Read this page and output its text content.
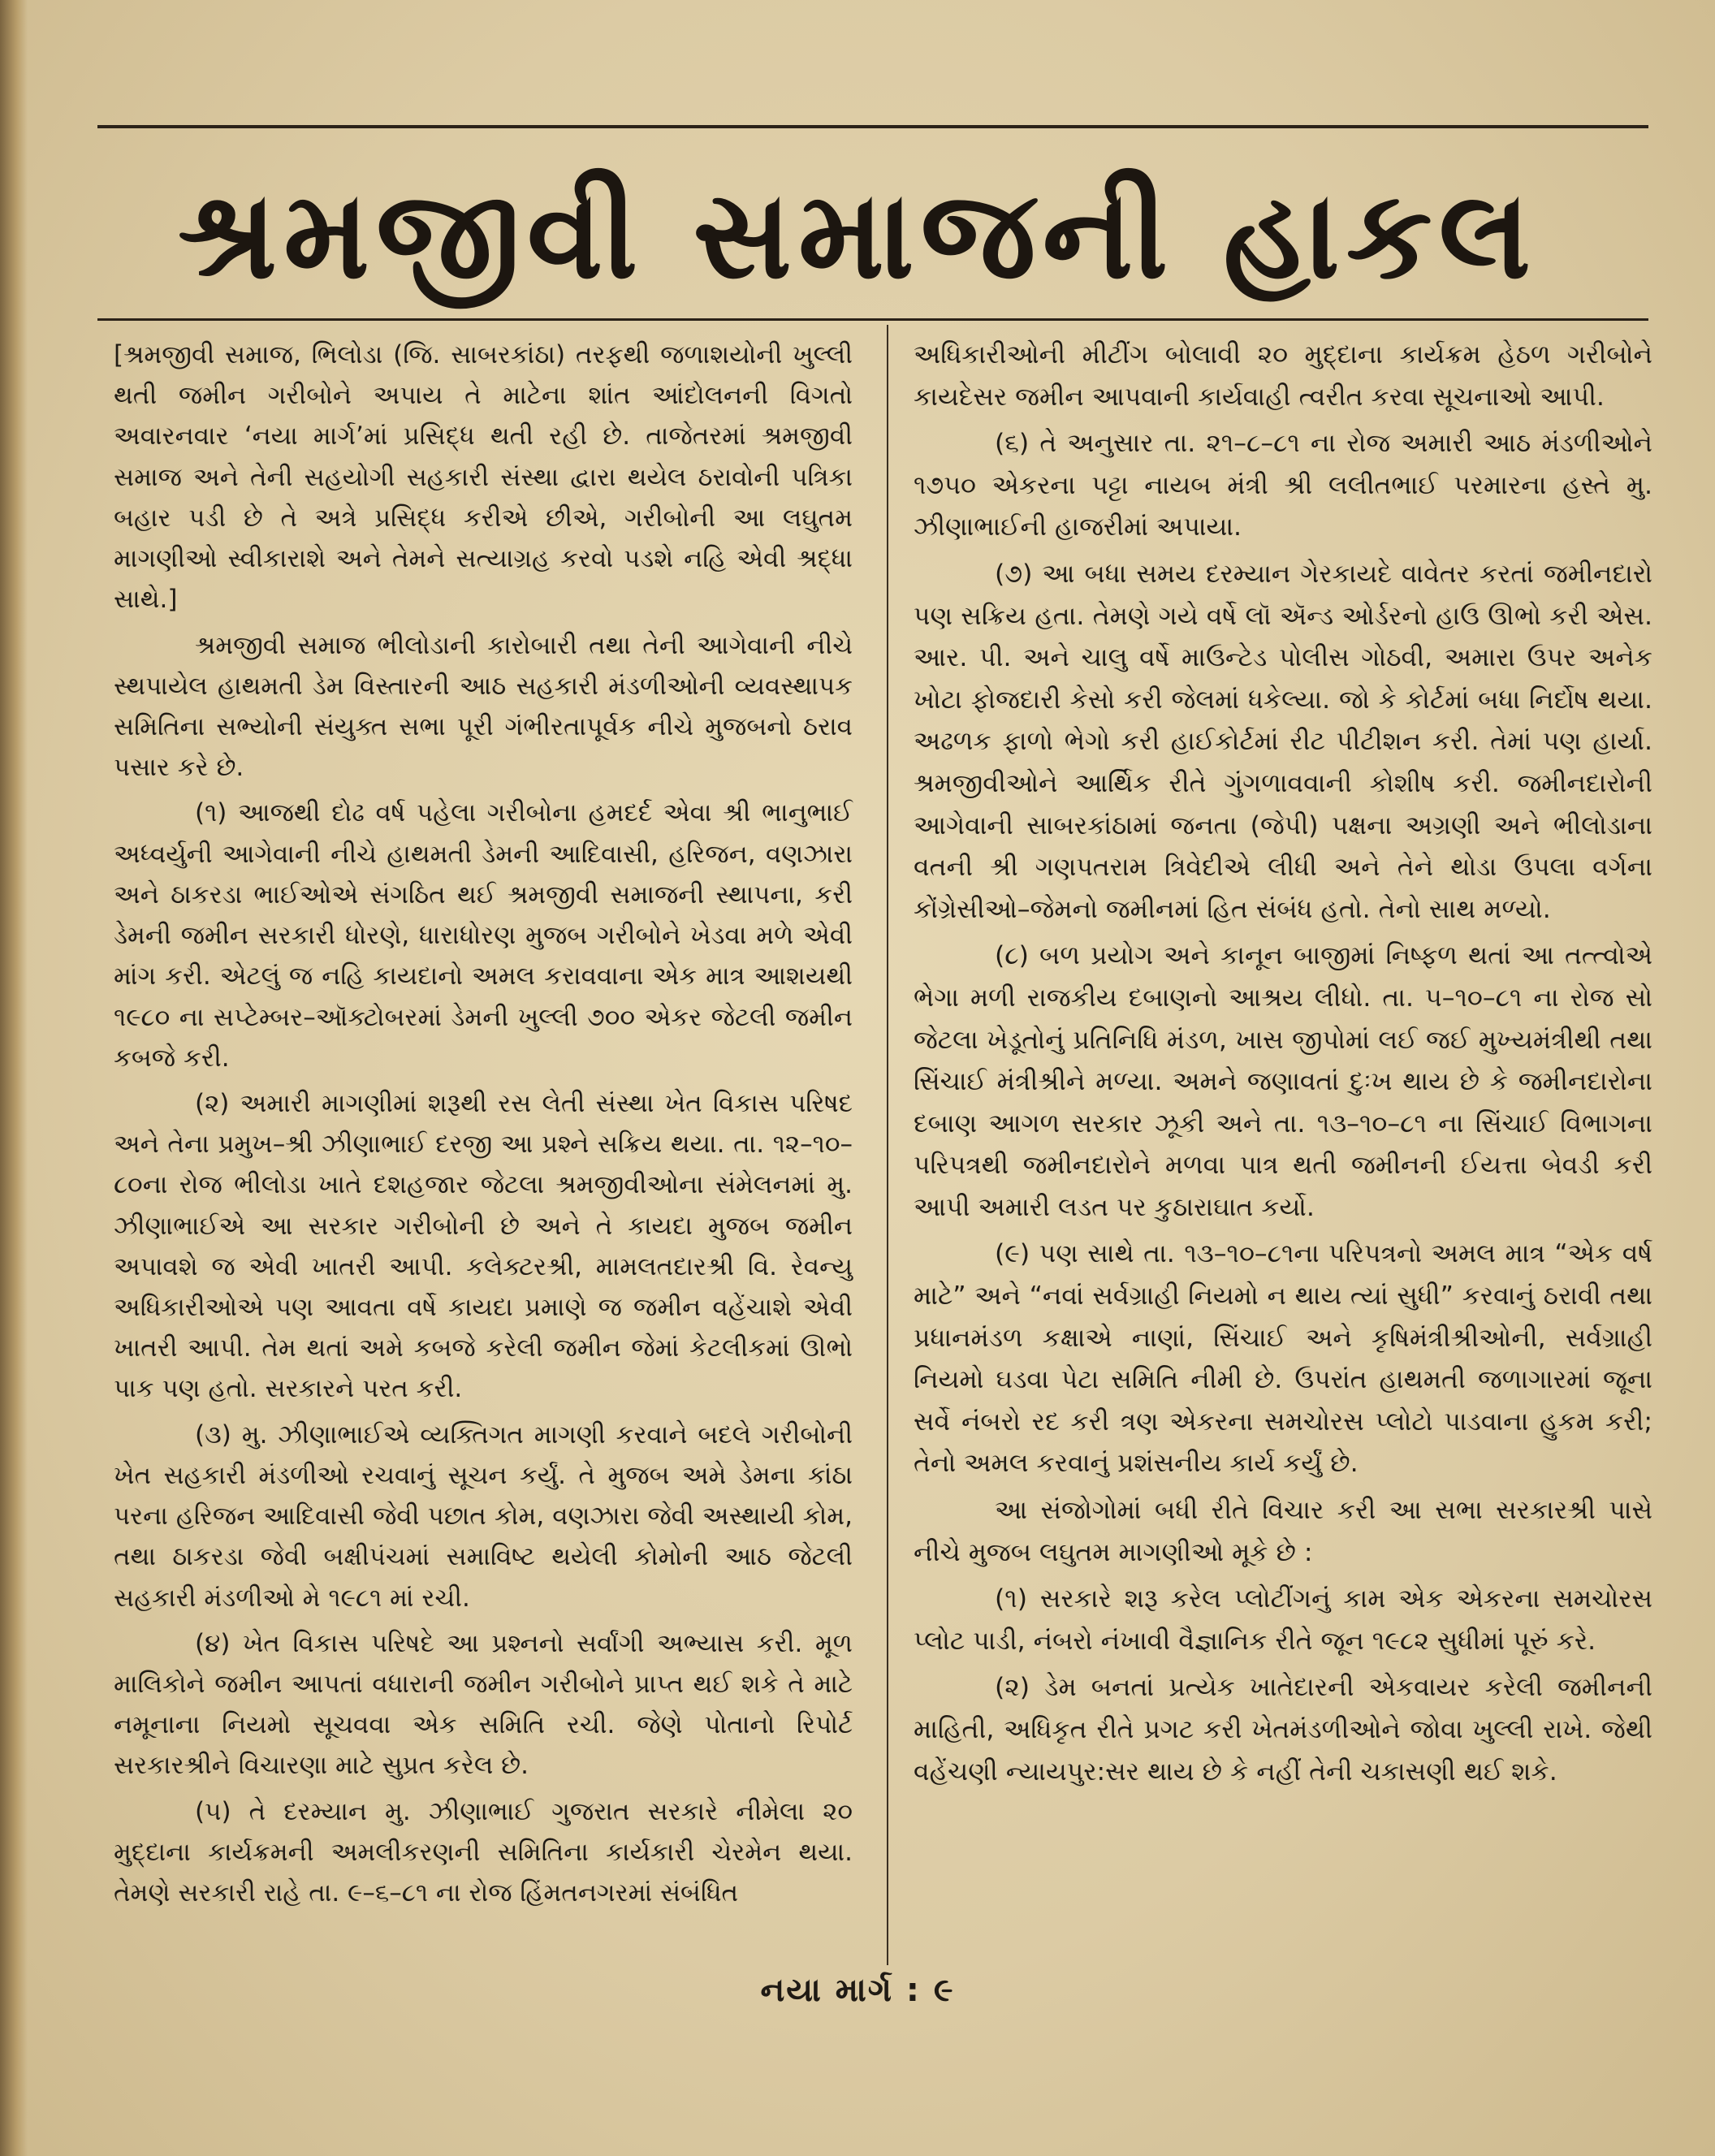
શ્રમજીવી સમાજની હાકલ

[શ્રમજીવી સમાજ, ભિલોડા (જિ. સાબરકાંઠા) તરફથી જળાશયોની ખુલ્લી થતી જમીન ગરીબોને અપાય તે માટેના શાંત આંદોલનની વિગતો અવારનવાર ‘નયા માર્ગ’માં પ્રસિદ્ધ થતી રહી છે. તાજેતરમાં શ્રમજીવી સમાજ અને તેની સહયોગી સહકારી સંસ્થા દ્વારા થયેલ ઠરાવોની પત્રિકા બહાર પડી છે તે અત્રે પ્રસિદ્ધ કરીએ છીએ, ગરીબોની આ લઘુતમ માગણીઓ સ્વીકારાશે અને તેમને સત્યાગ્રહ કરવો પડશે નહિ એવી શ્રદ્ધા સાથે.]

શ્રમજીવી સમાજ ભીલોડાની કારોબારી તથા તેની આગેવાની નીચે સ્થપાયેલ હાથમતી ડેમ વિસ્તારની આઠ સહકારી મંડળીઓની વ્યવસ્થાપક સમિતિના સભ્યોની સંયુક્ત સભા પૂરી ગંભીરતાપૂર્વક નીચે મુજબનો ઠરાવ પસાર કરે છે.

(૧) આજથી દોઢ વર્ષ પહેલા ગરીબોના હમદર્દ એવા શ્રી ભાનુભાઈ અધ્વર્યુની આગેવાની નીચે હાથમતી ડેમની આદિવાસી, હરિજન, વણઝારા અને ઠાકરડા ભાઈઓએ સંગઠિત થઈ શ્રમજીવી સમાજની સ્થાપના, કરી ડેમની જમીન સરકારી ધોરણે, ધારાધોરણ મુજબ ગરીબોને ખેડવા મળે એવી માંગ કરી. એટલું જ નહિ કાયદાનો અમલ કરાવવાના એક માત્ર આશયથી ૧૯૮૦ ના સપ્ટેમ્બર–ઑક્ટોબરમાં ડેમની ખુલ્લી ૭૦૦ એકર જેટલી જમીન કબજે કરી.

(૨) અમારી માગણીમાં શરૂથી રસ લેતી સંસ્થા ખેત વિકાસ પરિષદ અને તેના પ્રમુખ–શ્રી ઝીણાભાઈ દરજી આ પ્રશ્ને સક્રિય થયા. તા. ૧૨–૧૦–૮૦ના રોજ ભીલોડા ખાતે દશહજાર જેટલા શ્રમજીવીઓના સંમેલનમાં મુ. ઝીણાભાઈએ આ સરકાર ગરીબોની છે અને તે કાયદા મુજબ જમીન અપાવશે જ એવી ખાતરી આપી. કલેક્ટરશ્રી, મામલતદારશ્રી વિ. રેવન્યુ અધિકારીઓએ પણ આવતા વર્ષે કાયદા પ્રમાણે જ જમીન વહેંચાશે એવી ખાતરી આપી. તેમ થતાં અમે કબજે કરેલી જમીન જેમાં કેટલીકમાં ઊભો પાક પણ હતો. સરકારને પરત કરી.

(૩) મુ. ઝીણાભાઈએ વ્યક્તિગત માગણી કરવાને બદલે ગરીબોની ખેત સહકારી મંડળીઓ રચવાનું સૂચન કર્યું. તે મુજબ અમે ડેમના કાંઠા પરના હરિજન આદિવાસી જેવી પછાત કોમ, વણઝારા જેવી અસ્થાયી કોમ, તથા ઠાકરડા જેવી બક્ષીપંચમાં સમાવિષ્ટ થયેલી કોમોની આઠ જેટલી સહકારી મંડળીઓ મે ૧૯૮૧ માં રચી.

(૪) ખેત વિકાસ પરિષદે આ પ્રશ્નનો સર્વાંગી અભ્યાસ કરી. મૂળ માલિકોને જમીન આપતાં વધારાની જમીન ગરીબોને પ્રાપ્ત થઈ શકે તે માટે નમૂનાના નિયમો સૂચવવા એક સમિતિ રચી. જેણે પોતાનો રિપોર્ટ સરકારશ્રીને વિચારણા માટે સુપ્રત કરેલ છે.

(૫) તે દરમ્યાન મુ. ઝીણાભાઈ ગુજરાત સરકારે નીમેલા ૨૦ મુદ્દાના કાર્યક્રમની અમલીકરણની સમિતિના કાર્યકારી ચેરમેન થયા. તેમણે સરકારી રાહે તા. ૯–૬–૮૧ ના રોજ હિંમતનગરમાં સંબંધિત

અધિકારીઓની મીટીંગ બોલાવી ૨૦ મુદ્દાના કાર્યક્રમ હેઠળ ગરીબોને કાયદેસર જમીન આપવાની કાર્યવાહી ત્વરીત કરવા સૂચનાઓ આપી.

(૬) તે અનુસાર તા. ૨૧–૮–૮૧ ના રોજ અમારી આઠ મંડળીઓને ૧૭૫૦ એકરના પટ્ટા નાયબ મંત્રી શ્રી લલીતભાઈ પરમારના હસ્તે મુ. ઝીણાભાઈની હાજરીમાં અપાયા.

(૭) આ બધા સમય દરમ્યાન ગેરકાયદે વાવેતર કરતાં જમીનદારો પણ સક્રિય હતા. તેમણે ગયે વર્ષે લૉ ઍન્ડ ઓર્ડરનો હાઉ ઊભો કરી એસ. આર. પી. અને ચાલુ વર્ષે માઉન્ટેડ પોલીસ ગોઠવી, અમારા ઉપર અનેક ખોટા ફોજદારી કેસો કરી જેલમાં ધકેલ્યા. જો કે કોર્ટમાં બધા નિર્દોષ થયા. અઢળક ફાળો ભેગો કરી હાઈકોર્ટમાં રીટ પીટીશન કરી. તેમાં પણ હાર્યા. શ્રમજીવીઓને આર્થિક રીતે ગુંગળાવવાની કોશીષ કરી. જમીનદારોની આગેવાની સાબરકાંઠામાં જનતા (જેપી) પક્ષના અગ્રણી અને ભીલોડાના વતની શ્રી ગણપતરામ ત્રિવેદીએ લીધી અને તેને થોડા ઉપલા વર્ગના કોંગ્રેસીઓ–જેમનો જમીનમાં હિત સંબંધ હતો. તેનો સાથ મળ્યો.

(૮) બળ પ્રયોગ અને કાનૂન બાજીમાં નિષ્ફળ થતાં આ તત્ત્વોએ ભેગા મળી રાજકીય દબાણનો આશ્રય લીધો. તા. ૫–૧૦–૮૧ ના રોજ સો જેટલા ખેડૂતોનું પ્રતિનિધિ મંડળ, ખાસ જીપોમાં લઈ જઈ મુખ્યમંત્રીથી તથા સિંચાઈ મંત્રીશ્રીને મળ્યા. અમને જણાવતાં દુઃખ થાય છે કે જમીનદારોના દબાણ આગળ સરકાર ઝૂકી અને તા. ૧૩–૧૦–૮૧ ના સિંચાઈ વિભાગના પરિપત્રથી જમીનદારોને મળવા પાત્ર થતી જમીનની ઈયત્તા બેવડી કરી આપી અમારી લડત પર કુઠારાઘાત કર્યો.

(૯) પણ સાથે તા. ૧૩–૧૦–૮૧ના પરિપત્રનો અમલ માત્ર “એક વર્ષ માટે” અને “નવાં સર્વગ્રાહી નિયમો ન થાય ત્યાં સુધી” કરવાનું ઠરાવી તથા પ્રધાનમંડળ કક્ષાએ નાણાં, સિંચાઈ અને કૃષિમંત્રીશ્રીઓની, સર્વગ્રાહી નિયમો ઘડવા પેટા સમિતિ નીમી છે. ઉપરાંત હાથમતી જળાગારમાં જૂના સર્વે નંબરો રદ કરી ત્રણ એકરના સમચોરસ પ્લોટો પાડવાના હુકમ કરી; તેનો અમલ કરવાનું પ્રશંસનીય કાર્ય કર્યું છે.

આ સંજોગોમાં બધી રીતે વિચાર કરી આ સભા સરકારશ્રી પાસે નીચે મુજબ લઘુતમ માગણીઓ મૂકે છે :

(૧) સરકારે શરૂ કરેલ પ્લોટીંગનું કામ એક એકરના સમચોરસ પ્લોટ પાડી, નંબરો નંખાવી વૈજ્ઞાનિક રીતે જૂન ૧૯૮૨ સુધીમાં પૂરું કરે.

(૨) ડેમ બનતાં પ્રત્યેક ખાતેદારની એકવાયર કરેલી જમીનની માહિતી, અધિકૃત રીતે પ્રગટ કરી ખેતમંડળીઓને જોવા ખુલ્લી રાખે. જેથી વહેંચણી ન્યાયપુર:સર થાય છે કે નહીં તેની ચકાસણી થઈ શકે.

નયા માર્ગ : ૯
